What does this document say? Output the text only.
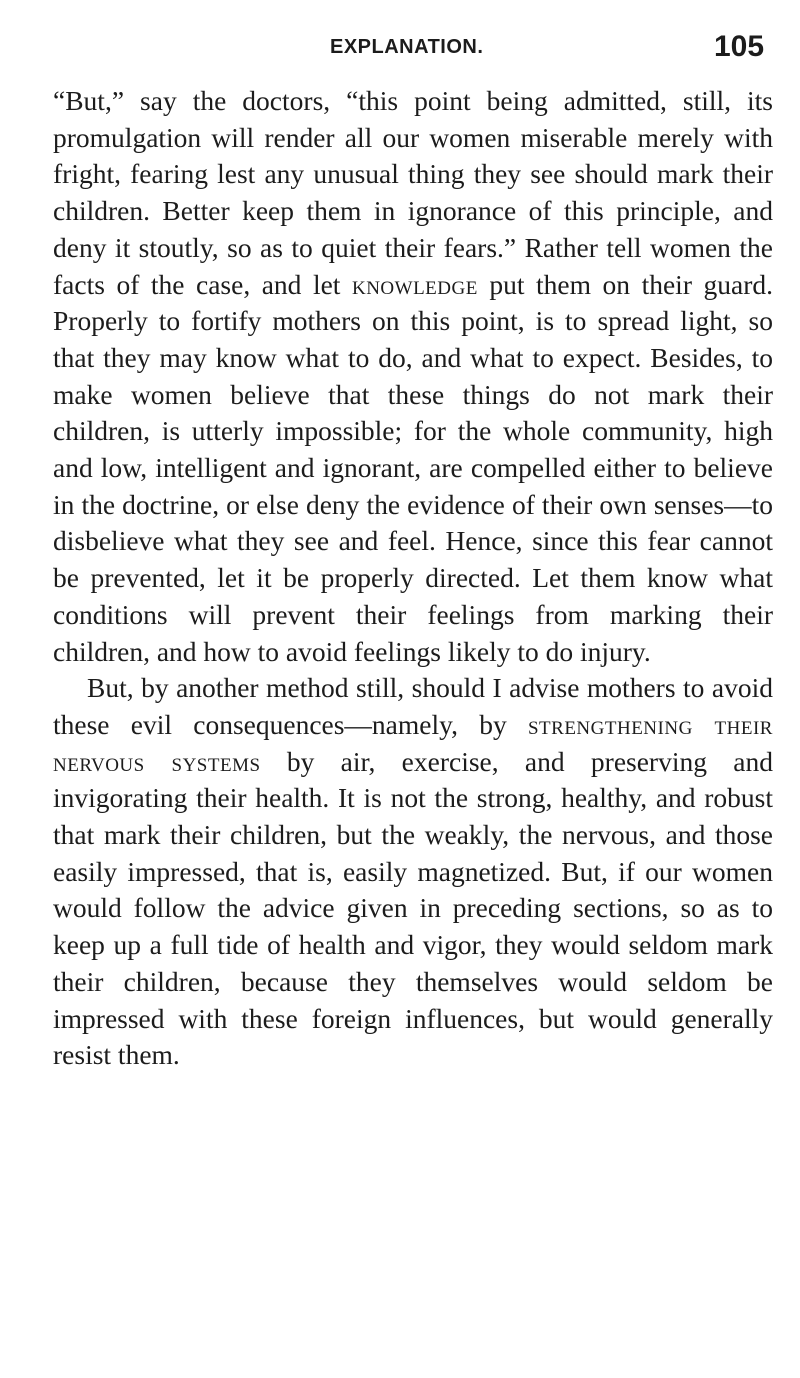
EXPLANATION.	105

“But,” say the doctors, “this point being admitted, still, its promulgation will render all our women miserable merely with fright, fearing lest any unusual thing they see should mark their children. Better keep them in ignorance of this principle, and deny it stoutly, so as to quiet their fears.” Rather tell women the facts of the case, and let knowledge put them on their guard. Properly to fortify mothers on this point, is to spread light, so that they may know what to do, and what to expect. Besides, to make women believe that these things do not mark their children, is utterly impossible; for the whole community, high and low, intelligent and ignorant, are compelled either to believe in the doctrine, or else deny the evidence of their own senses—to disbelieve what they see and feel. Hence, since this fear cannot be prevented, let it be properly directed. Let them know what conditions will prevent their feelings from marking their children, and how to avoid feelings likely to do injury.

But, by another method still, should I advise mothers to avoid these evil consequences—namely, by strengthening their nervous systems by air, exercise, and preserving and invigorating their health. It is not the strong, healthy, and robust that mark their children, but the weakly, the nervous, and those easily impressed, that is, easily magnetized. But, if our women would follow the advice given in preceding sections, so as to keep up a full tide of health and vigor, they would seldom mark their children, because they themselves would seldom be impressed with these foreign influences, but would generally resist them.
